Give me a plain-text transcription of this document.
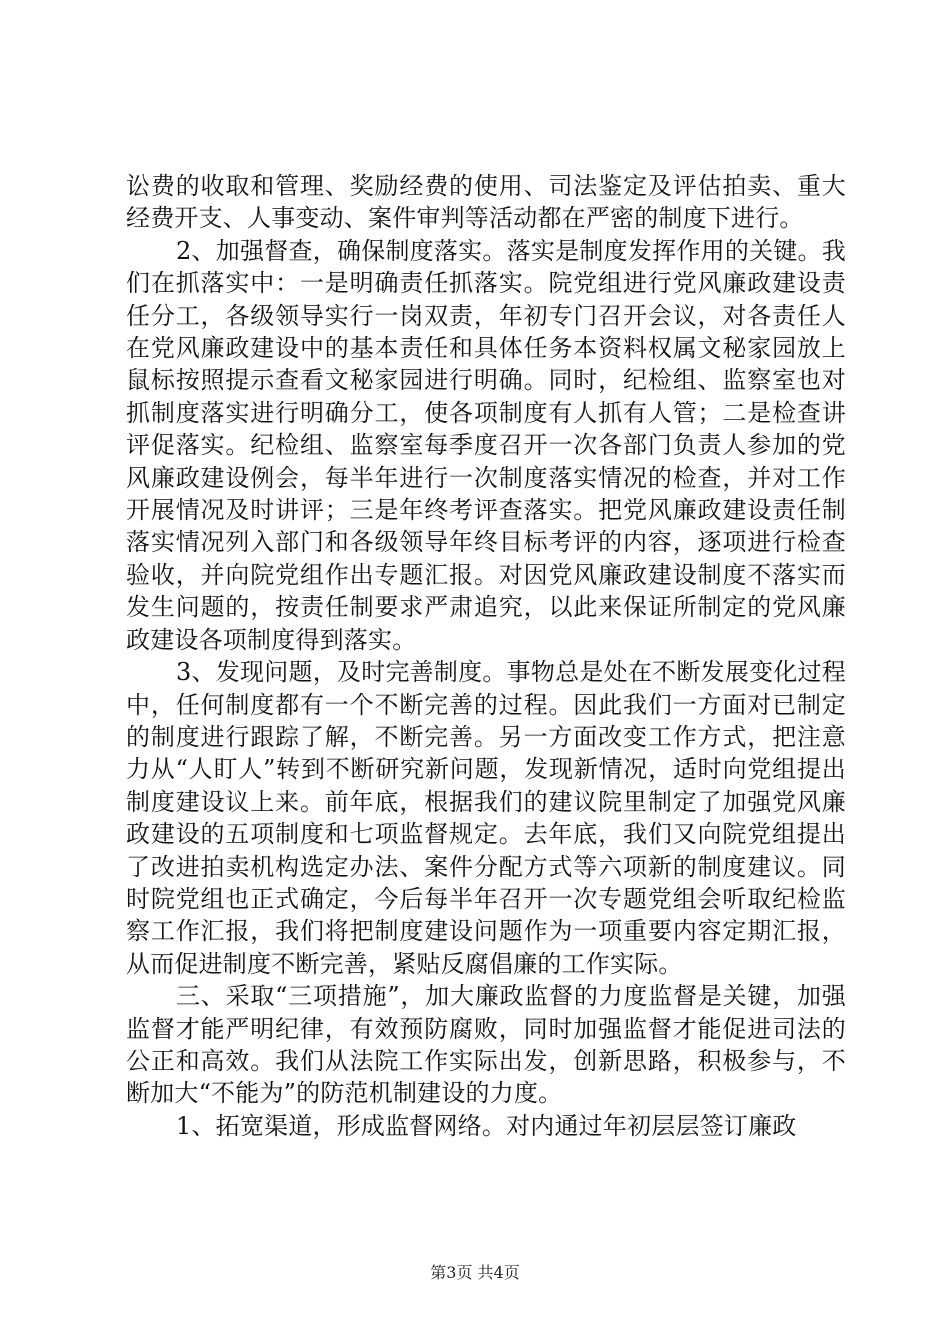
讼费的收取和管理、奖励经费的使用、司法鉴定及评估拍卖、重大经费开支、人事变动、案件审判等活动都在严密的制度下进行。

2、加强督查，确保制度落实。落实是制度发挥作用的关键。我们在抓落实中：一是明确责任抓落实。院党组进行党风廉政建设责任分工，各级领导实行一岗双责，年初专门召开会议，对各责任人在党风廉政建设中的基本责任和具体任务本资料权属文秘家园放上鼠标按照提示查看文秘家园进行明确。同时，纪检组、监察室也对抓制度落实进行明确分工，使各项制度有人抓有人管；二是检查讲评促落实。纪检组、监察室每季度召开一次各部门负责人参加的党风廉政建设例会，每半年进行一次制度落实情况的检查，并对工作开展情况及时讲评；三是年终考评查落实。把党风廉政建设责任制落实情况列入部门和各级领导年终目标考评的内容，逐项进行检查验收，并向院党组作出专题汇报。对因党风廉政建设制度不落实而发生问题的，按责任制要求严肃追究，以此来保证所制定的党风廉政建设各项制度得到落实。

3、发现问题，及时完善制度。事物总是处在不断发展变化过程中，任何制度都有一个不断完善的过程。因此我们一方面对已制定的制度进行跟踪了解，不断完善。另一方面改变工作方式，把注意力从“人盯人”转到不断研究新问题，发现新情况，适时向党组提出制度建设议上来。前年底，根据我们的建议院里制定了加强党风廉政建设的五项制度和七项监督规定。去年底，我们又向院党组提出了改进拍卖机构选定办法、案件分配方式等六项新的制度建议。同时院党组也正式确定，今后每半年召开一次专题党组会听取纪检监察工作汇报，我们将把制度建设问题作为一项重要内容定期汇报，从而促进制度不断完善，紧贴反腐倡廉的工作实际。

三、采取“三项措施”，加大廉政监督的力度监督是关键，加强监督才能严明纪律，有效预防腐败，同时加强监督才能促进司法的公正和高效。我们从法院工作实际出发，创新思路，积极参与，不断加大“不能为”的防范机制建设的力度。

1、拓宽渠道，形成监督网络。对内通过年初层层签订廉政

第3页 共4页
